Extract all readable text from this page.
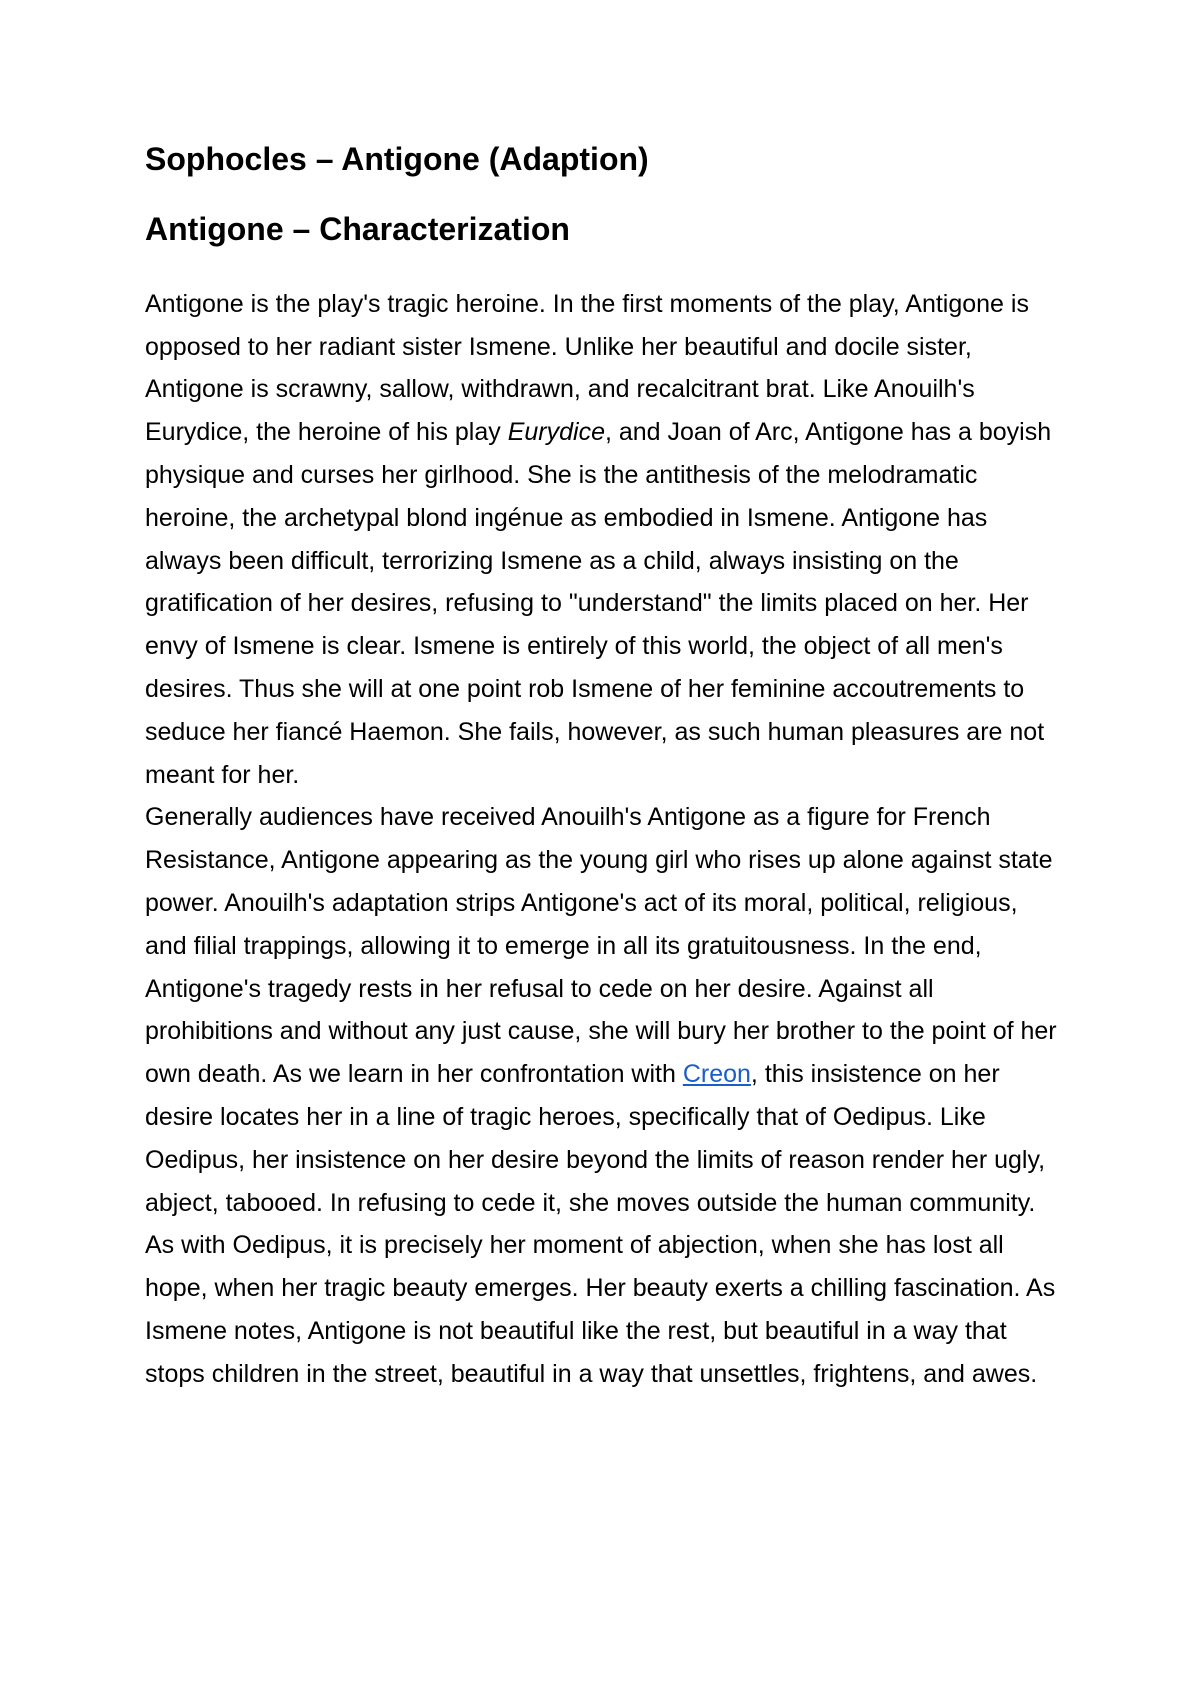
Sophocles – Antigone (Adaption)
Antigone – Characterization

Antigone is the play's tragic heroine. In the first moments of the play, Antigone is opposed to her radiant sister Ismene. Unlike her beautiful and docile sister, Antigone is scrawny, sallow, withdrawn, and recalcitrant brat. Like Anouilh's Eurydice, the heroine of his play Eurydice, and Joan of Arc, Antigone has a boyish physique and curses her girlhood. She is the antithesis of the melodramatic heroine, the archetypal blond ingénue as embodied in Ismene. Antigone has always been difficult, terrorizing Ismene as a child, always insisting on the gratification of her desires, refusing to "understand" the limits placed on her. Her envy of Ismene is clear. Ismene is entirely of this world, the object of all men's desires. Thus she will at one point rob Ismene of her feminine accoutrements to seduce her fiancé Haemon. She fails, however, as such human pleasures are not meant for her.

Generally audiences have received Anouilh's Antigone as a figure for French Resistance, Antigone appearing as the young girl who rises up alone against state power. Anouilh's adaptation strips Antigone's act of its moral, political, religious, and filial trappings, allowing it to emerge in all its gratuitousness. In the end, Antigone's tragedy rests in her refusal to cede on her desire. Against all prohibitions and without any just cause, she will bury her brother to the point of her own death. As we learn in her confrontation with Creon, this insistence on her desire locates her in a line of tragic heroes, specifically that of Oedipus. Like Oedipus, her insistence on her desire beyond the limits of reason render her ugly, abject, tabooed. In refusing to cede it, she moves outside the human community. As with Oedipus, it is precisely her moment of abjection, when she has lost all hope, when her tragic beauty emerges. Her beauty exerts a chilling fascination. As Ismene notes, Antigone is not beautiful like the rest, but beautiful in a way that stops children in the street, beautiful in a way that unsettles, frightens, and awes.
